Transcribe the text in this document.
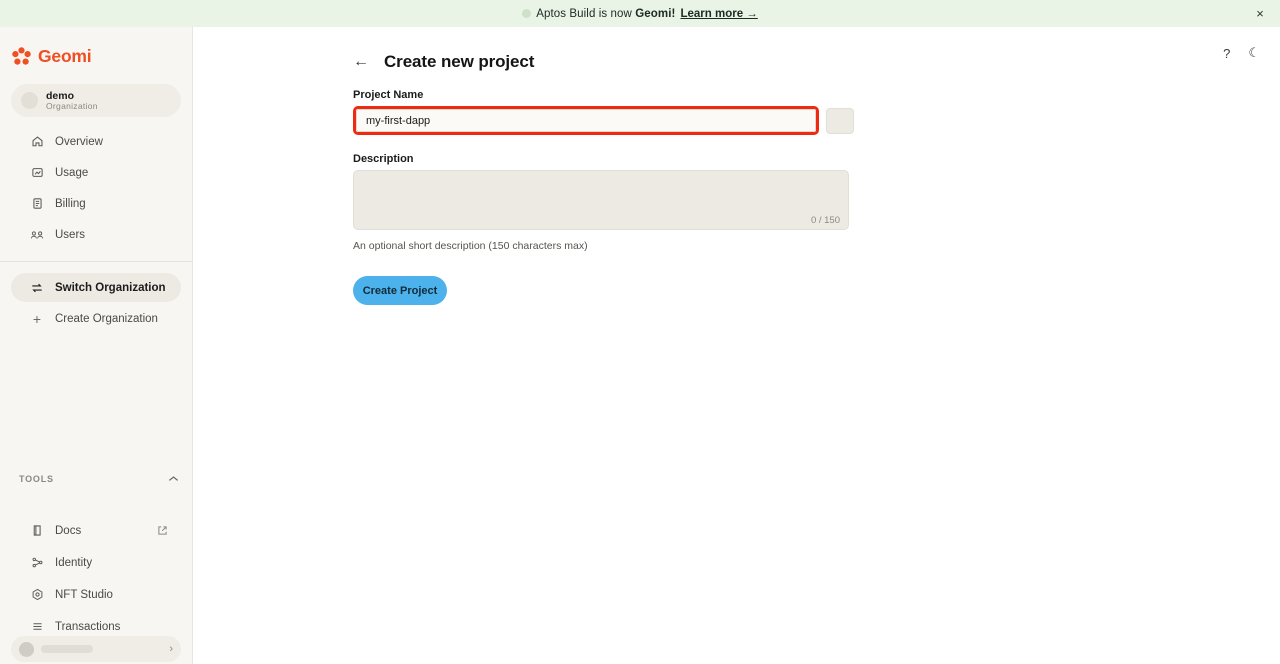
Aptos Build is now Geomi! Learn more →	×
Geomi
demo
Organization
Overview
Usage
Billing
Users
Switch Organization
+ Create Organization
TOOLS
Docs
Identity
NFT Studio
Transactions
›
← Create new project	? ☾
Project Name
my-first-dapp
Description
0 / 150
An optional short description (150 characters max)
Create Project
